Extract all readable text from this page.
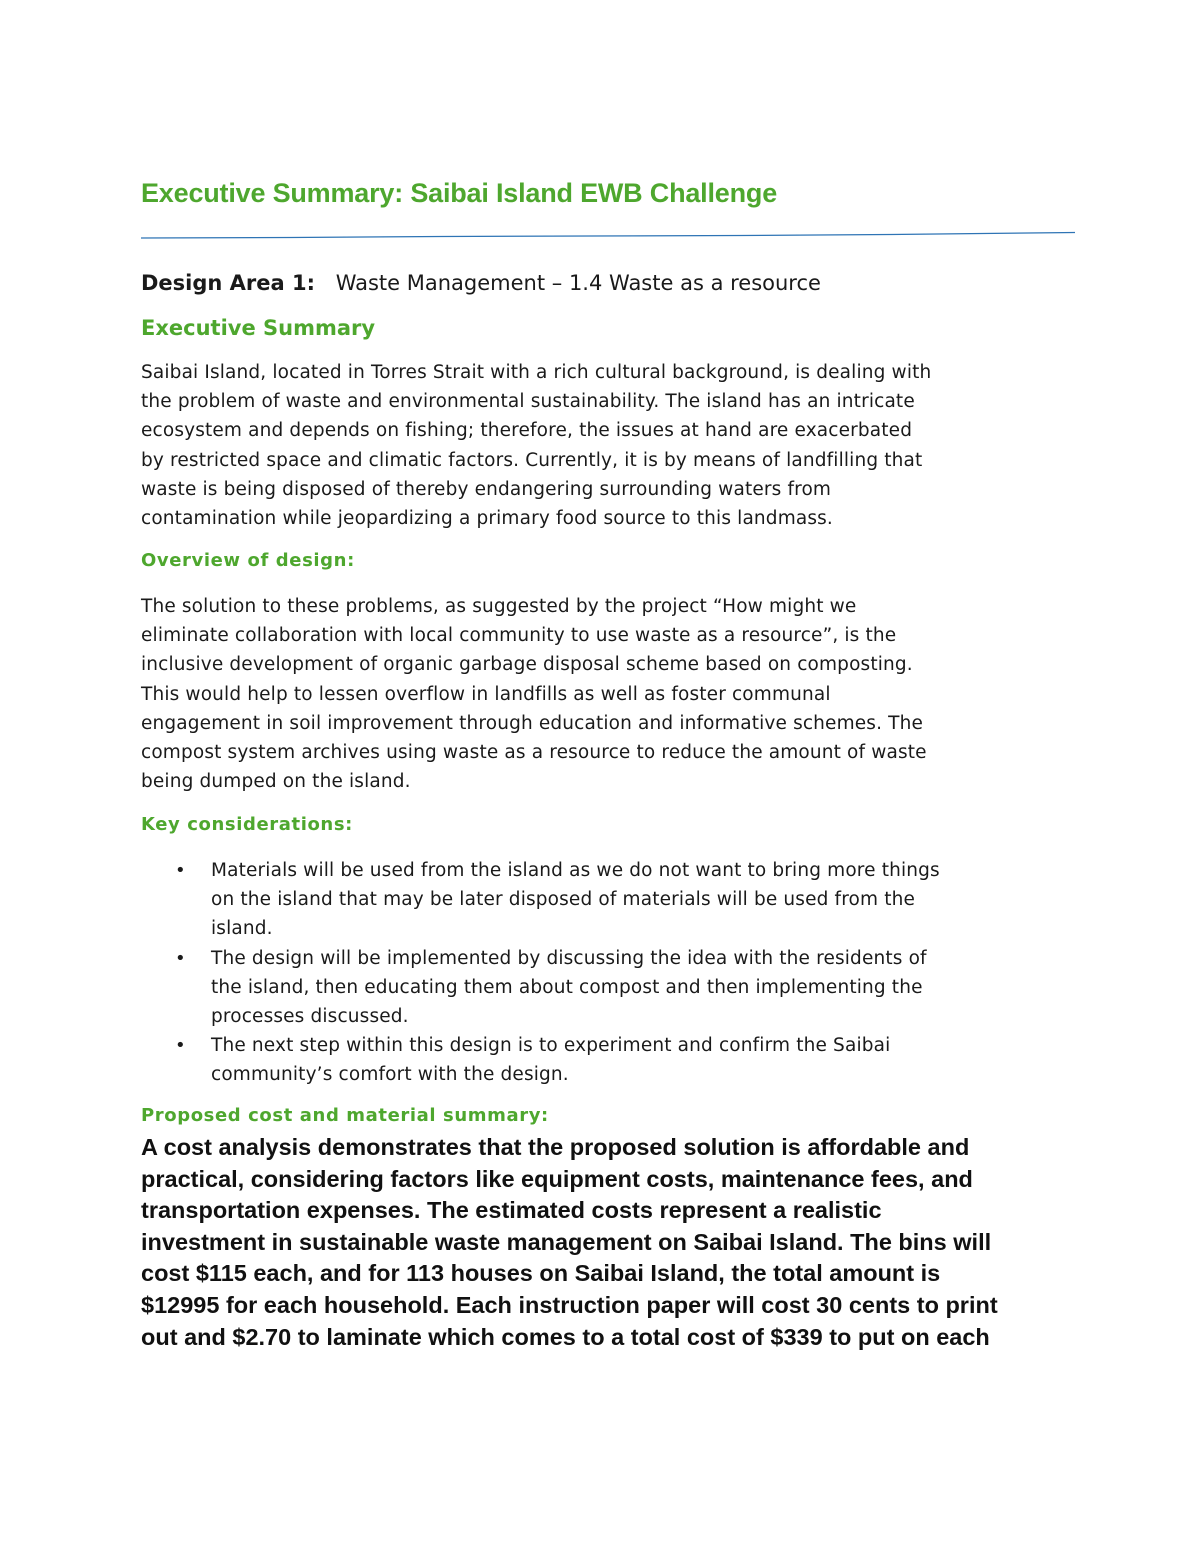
Executive Summary: Saibai Island EWB Challenge
Design Area 1: Waste Management – 1.4 Waste as a resource
Executive Summary
Saibai Island, located in Torres Strait with a rich cultural background, is dealing with
the problem of waste and environmental sustainability. The island has an intricate
ecosystem and depends on fishing; therefore, the issues at hand are exacerbated
by restricted space and climatic factors. Currently, it is by means of landfilling that
waste is being disposed of thereby endangering surrounding waters from
contamination while jeopardizing a primary food source to this landmass.
Overview of design:
The solution to these problems, as suggested by the project “How might we
eliminate collaboration with local community to use waste as a resource”, is the
inclusive development of organic garbage disposal scheme based on composting.
This would help to lessen overflow in landfills as well as foster communal
engagement in soil improvement through education and informative schemes. The
compost system archives using waste as a resource to reduce the amount of waste
being dumped on the island.
Key considerations:
• Materials will be used from the island as we do not want to bring more things
on the island that may be later disposed of materials will be used from the
island.
• The design will be implemented by discussing the idea with the residents of
the island, then educating them about compost and then implementing the
processes discussed.
• The next step within this design is to experiment and confirm the Saibai
community’s comfort with the design.
Proposed cost and material summary:
A cost analysis demonstrates that the proposed solution is affordable and
practical, considering factors like equipment costs, maintenance fees, and
transportation expenses. The estimated costs represent a realistic
investment in sustainable waste management on Saibai Island. The bins will
cost $115 each, and for 113 houses on Saibai Island, the total amount is
$12995 for each household. Each instruction paper will cost 30 cents to print
out and $2.70 to laminate which comes to a total cost of $339 to put on each
